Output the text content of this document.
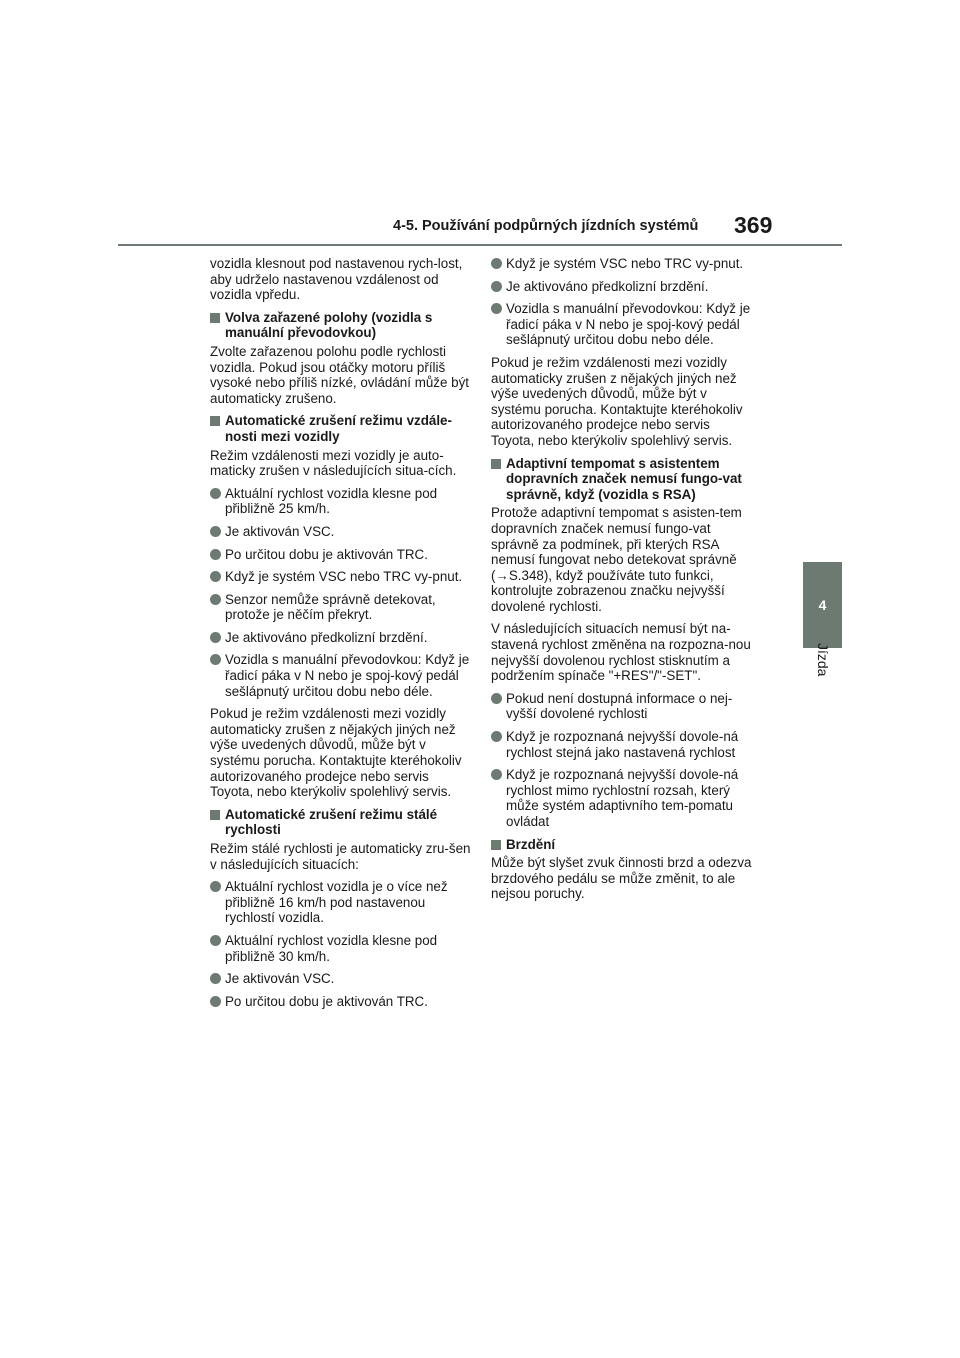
4-5. Používání podpůrných jízdních systémů 369
4
Jízda
vozidla klesnout pod nastavenou rych-lost, aby udrželo nastavenou vzdálenost od vozidla vpředu.
Volva zařazené polohy (vozidla s manuální převodovkou)
Zvolte zařazenou polohu podle rychlosti vozidla. Pokud jsou otáčky motoru příliš vysoké nebo příliš nízké, ovládání může být automaticky zrušeno.
Automatické zrušení režimu vzdále-nosti mezi vozidly
Režim vzdálenosti mezi vozidly je auto-maticky zrušen v následujících situa-cích.
Aktuální rychlost vozidla klesne pod přibližně 25 km/h.
Je aktivován VSC.
Po určitou dobu je aktivován TRC.
Když je systém VSC nebo TRC vy-pnut.
Senzor nemůže správně detekovat, protože je něčím překryt.
Je aktivováno předkolizní brzdění.
Vozidla s manuální převodovkou: Když je řadicí páka v N nebo je spoj-kový pedál sešlápnutý určitou dobu nebo déle.
Pokud je režim vzdálenosti mezi vozidly automaticky zrušen z nějakých jiných než výše uvedených důvodů, může být v systému porucha. Kontaktujte kteréhokoliv autorizovaného prodejce nebo servis Toyota, nebo kterýkoliv spolehlivý servis.
Automatické zrušení režimu stálé rychlosti
Režim stálé rychlosti je automaticky zru-šen v následujících situacích:
Aktuální rychlost vozidla je o více než přibližně 16 km/h pod nastavenou rychlostí vozidla.
Aktuální rychlost vozidla klesne pod přibližně 30 km/h.
Je aktivován VSC.
Po určitou dobu je aktivován TRC.
Když je systém VSC nebo TRC vy-pnut.
Je aktivováno předkolizní brzdění.
Vozidla s manuální převodovkou: Když je řadicí páka v N nebo je spoj-kový pedál sešlápnutý určitou dobu nebo déle.
Pokud je režim vzdálenosti mezi vozidly automaticky zrušen z nějakých jiných než výše uvedených důvodů, může být v systému porucha. Kontaktujte kteréhokoliv autorizovaného prodejce nebo servis Toyota, nebo kterýkoliv spolehlivý servis.
Adaptivní tempomat s asistentem dopravních značek nemusí fungo-vat správně, když (vozidla s RSA)
Protože adaptivní tempomat s asisten-tem dopravních značek nemusí fungo-vat správně za podmínek, při kterých RSA nemusí fungovat nebo detekovat správně (→S.348), když používáte tuto funkci, kontrolujte zobrazenou značku nejvyšší dovolené rychlosti.
V následujících situacích nemusí být na-stavená rychlost změněna na rozpozna-nou nejvyšší dovolenou rychlost stisknutím a podržením spínače "+RES"/"-SET".
Pokud není dostupná informace o nej-vyšší dovolené rychlosti
Když je rozpoznaná nejvyšší dovole-ná rychlost stejná jako nastavená rychlost
Když je rozpoznaná nejvyšší dovole-ná rychlost mimo rychlostní rozsah, který může systém adaptivního tem-pomatu ovládat
Brzdění
Může být slyšet zvuk činnosti brzd a odezva brzdového pedálu se může změnit, to ale nejsou poruchy.
